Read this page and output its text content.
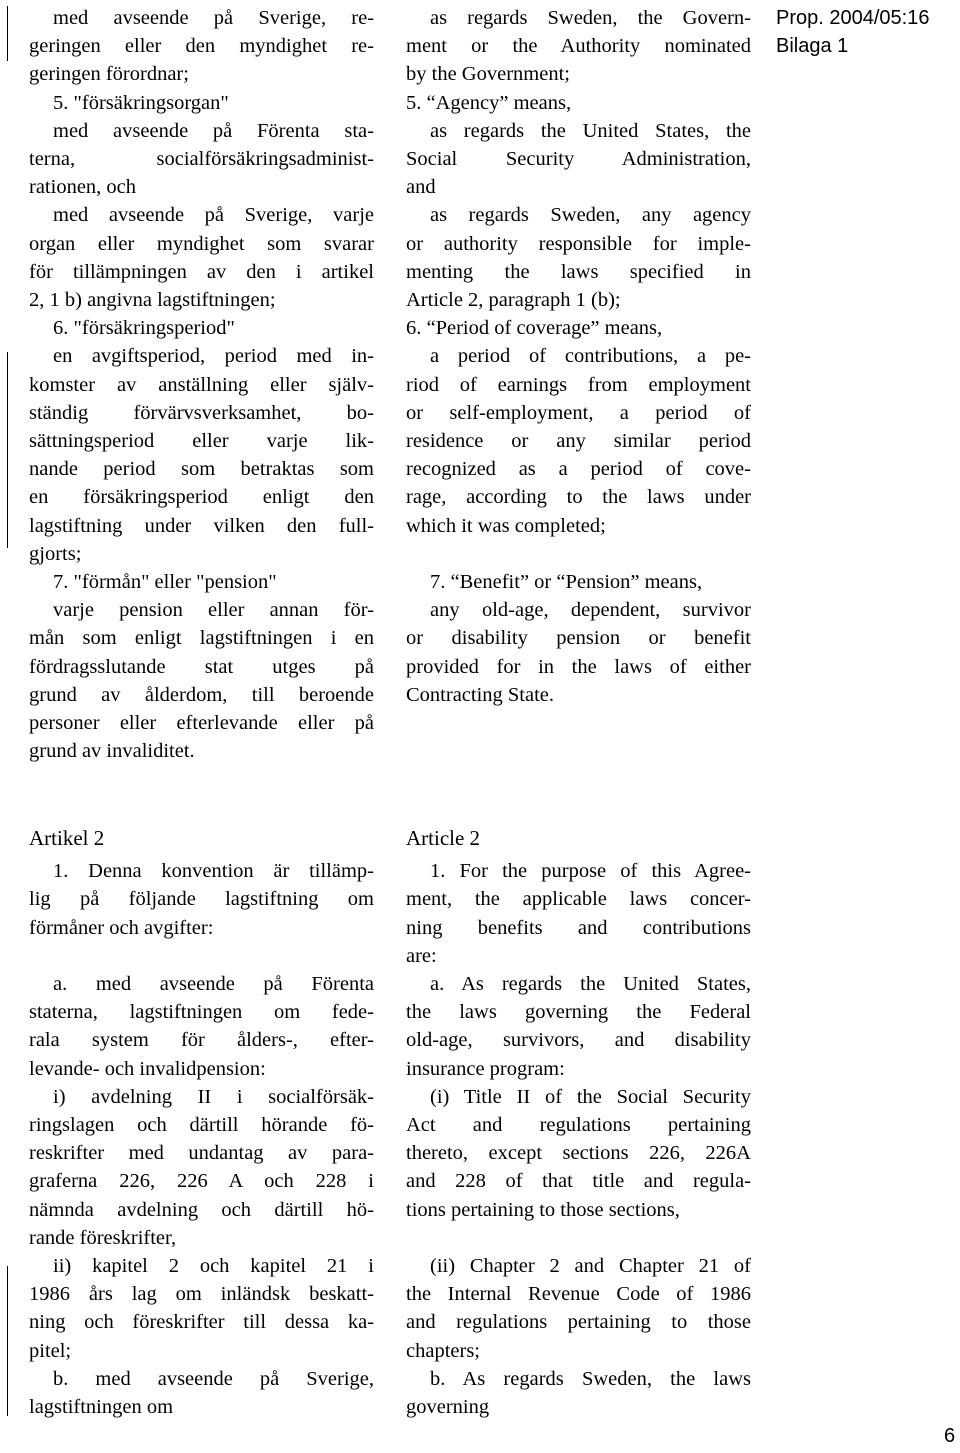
Prop. 2004/05:16
Bilaga 1

med avseende på Sverige, re-

geringen eller den myndighet re-

geringen förordnar;

5. "försäkringsorgan"

med avseende på Förenta sta-

terna, socialförsäkringsadminist-

rationen, och

med avseende på Sverige, varje

organ eller myndighet som svarar

för tillämpningen av den i artikel

2, 1 b) angivna lagstiftningen;

6. "försäkringsperiod"

en avgiftsperiod, period med in-

komster av anställning eller själv-

ständig förvärvsverksamhet, bo-

sättningsperiod eller varje lik-

nande period som betraktas som

en försäkringsperiod enligt den

lagstiftning under vilken den full-

gjorts;

7. "förmån" eller "pension"

varje pension eller annan för-

mån som enligt lagstiftningen i en

fördragsslutande stat utges på

grund av ålderdom, till beroende

personer eller efterlevande eller på

grund av invaliditet.

as regards Sweden, the Govern-

ment or the Authority nominated

by the Government;

5. “Agency” means,

as regards the United States, the

Social Security Administration,

and

as regards Sweden, any agency

or authority responsible for imple-

menting the laws specified in

Article 2, paragraph 1 (b);

6. “Period of coverage” means,

a period of contributions, a pe-

riod of earnings from employment

or self-employment, a period of

residence or any similar period

recognized as a period of cove-

rage, according to the laws under

which it was completed;

7. “Benefit” or “Pension” means,

any old-age, dependent, survivor

or disability pension or benefit

provided for in the laws of either

Contracting State.

Artikel 2

1. Denna konvention är tillämp-

lig på följande lagstiftning om

förmåner och avgifter:

a. med avseende på Förenta

staterna, lagstiftningen om fede-

rala system för ålders-, efter-

levande- och invalidpension:

i) avdelning II i socialförsäk-

ringslagen och därtill hörande fö-

reskrifter med undantag av para-

graferna 226, 226 A och 228 i

nämnda avdelning och därtill hö-

rande föreskrifter,

ii) kapitel 2 och kapitel 21 i

1986 års lag om inländsk beskatt-

ning och föreskrifter till dessa ka-

pitel;

b. med avseende på Sverige,

lagstiftningen om

Article 2

1. For the purpose of this Agree-

ment, the applicable laws concer-

ning benefits and contributions

are:

a. As regards the United States,

the laws governing the Federal

old-age, survivors, and disability

insurance program:

(i) Title II of the Social Security

Act and regulations pertaining

thereto, except sections 226, 226A

and 228 of that title and regula-

tions pertaining to those sections,

(ii) Chapter 2 and Chapter 21 of

the Internal Revenue Code of 1986

and regulations pertaining to those

chapters;

b. As regards Sweden, the laws

governing

6
